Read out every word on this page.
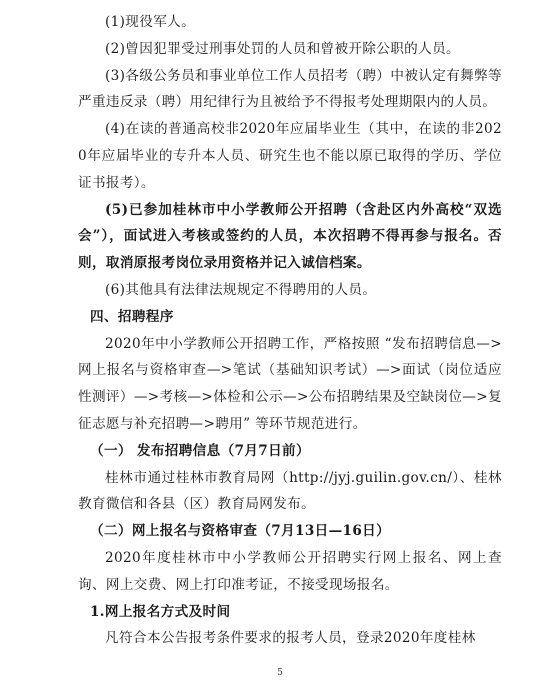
(1)现役军人。

(2)曾因犯罪受过刑事处罚的人员和曾被开除公职的人员。

(3)各级公务员和事业单位工作人员招考（聘）中被认定有舞弊等严重违反录（聘）用纪律行为且被给予不得报考处理期限内的人员。

(4)在读的普通高校非2020年应届毕业生（其中，在读的非2020年应届毕业的专升本人员、研究生也不能以原已取得的学历、学位证书报考）。

(5)已参加桂林市中小学教师公开招聘（含赴区内外高校“双选会”），面试进入考核或签约的人员，本次招聘不得再参与报名。否则，取消原报考岗位录用资格并记入诚信档案。

(6)其他具有法律法规规定不得聘用的人员。

四、招聘程序

2020年中小学教师公开招聘工作，严格按照 “发布招聘信息—>网上报名与资格审查—>笔试（基础知识考试）—>面试（岗位适应性测评）—>考核—>体检和公示—>公布招聘结果及空缺岗位—>复征志愿与补充招聘—>聘用” 等环节规范进行。

（一） 发布招聘信息（7月7日前）

桂林市通过桂林市教育局网（http://jyj.guilin.gov.cn/）、桂林教育微信和各县（区）教育局网发布。

（二）网上报名与资格审查（7月13日—16日）

2020年度桂林市中小学教师公开招聘实行网上报名、网上查询、网上交费、网上打印准考证，不接受现场报名。

1.网上报名方式及时间

凡符合本公告报考条件要求的报考人员，登录2020年度桂林

5
